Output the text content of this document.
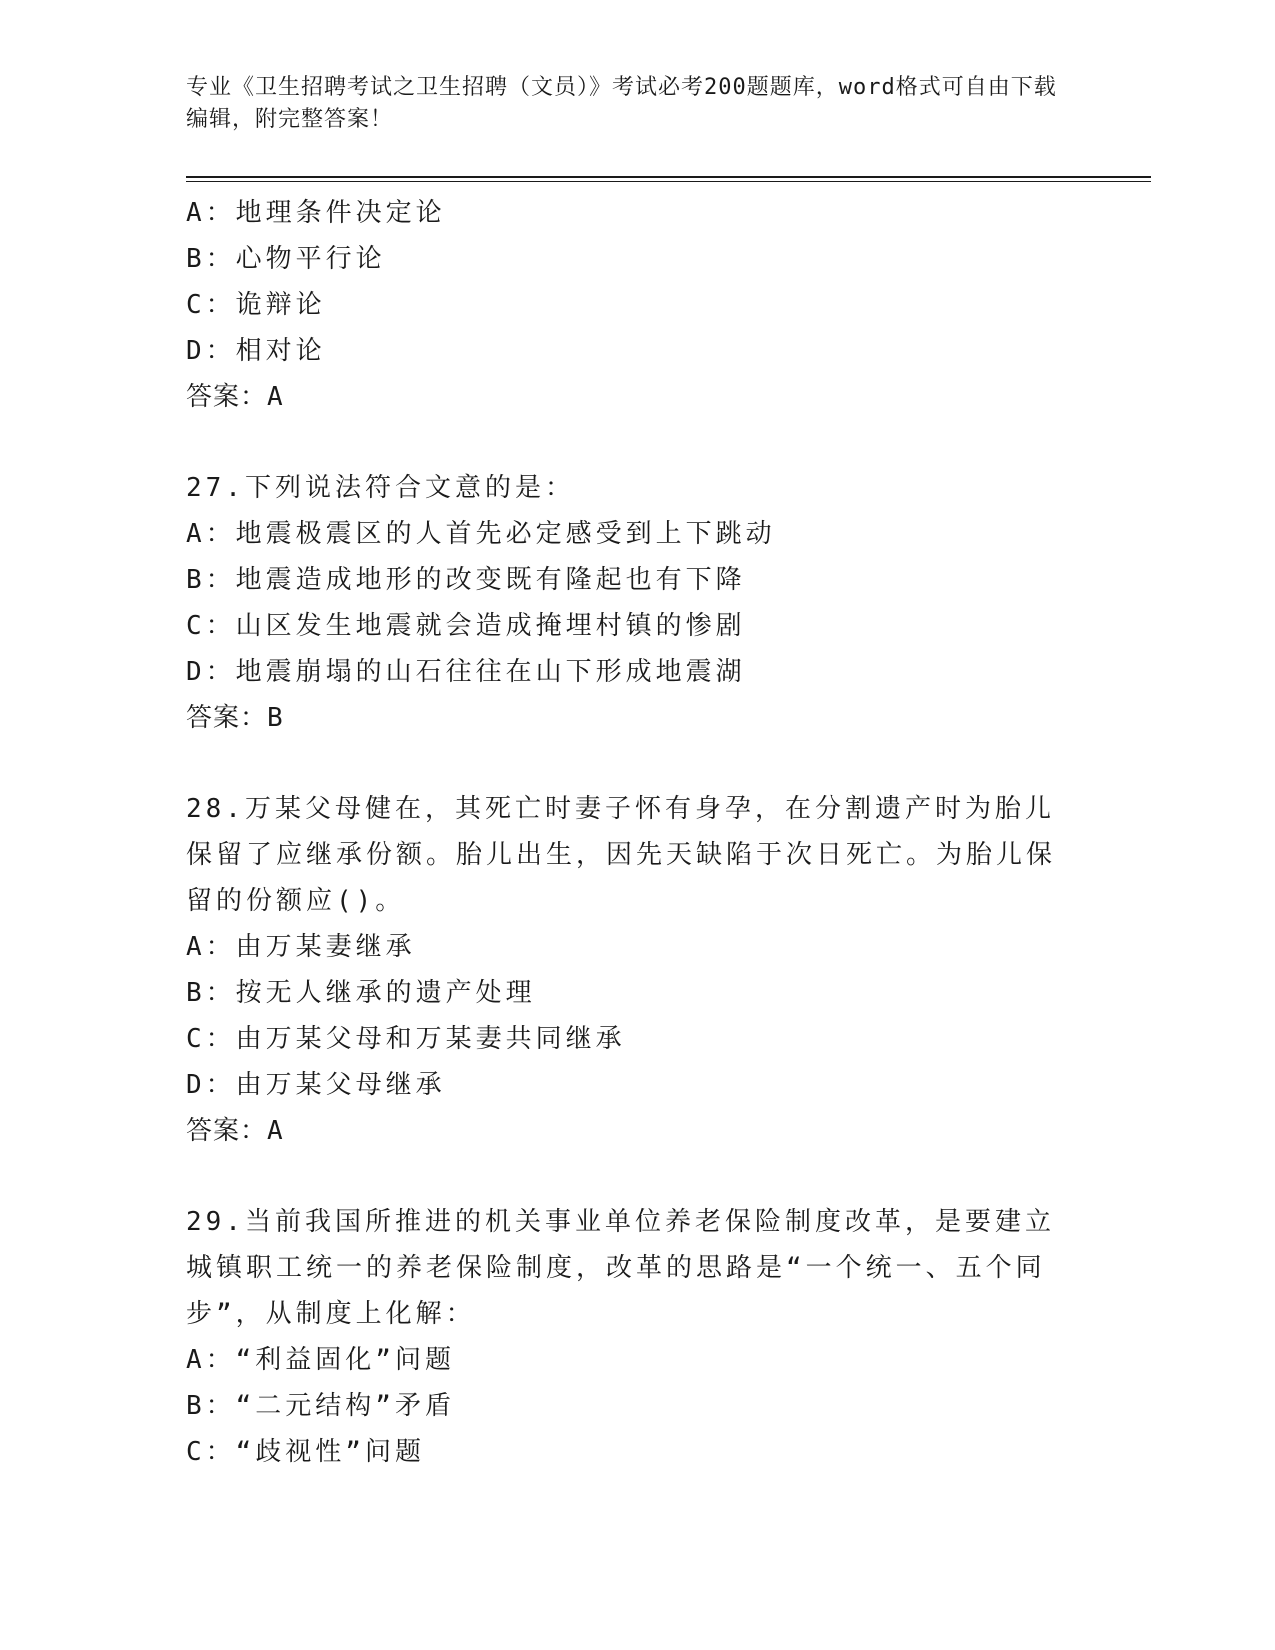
专业《卫生招聘考试之卫生招聘（文员）》考试必考200题题库，word格式可自由下载编辑，附完整答案！
A：地理条件决定论
B：心物平行论
C：诡辩论
D：相对论
答案：A
27.下列说法符合文意的是：
A：地震极震区的人首先必定感受到上下跳动
B：地震造成地形的改变既有隆起也有下降
C：山区发生地震就会造成掩埋村镇的惨剧
D：地震崩塌的山石往往在山下形成地震湖
答案：B
28.万某父母健在，其死亡时妻子怀有身孕，在分割遗产时为胎儿保留了应继承份额。胎儿出生，因先天缺陷于次日死亡。为胎儿保留的份额应()。
A：由万某妻继承
B：按无人继承的遗产处理
C：由万某父母和万某妻共同继承
D：由万某父母继承
答案：A
29.当前我国所推进的机关事业单位养老保险制度改革，是要建立城镇职工统一的养老保险制度，改革的思路是“一个统一、五个同步”，从制度上化解：
A：“利益固化”问题
B：“二元结构”矛盾
C：“歧视性”问题
